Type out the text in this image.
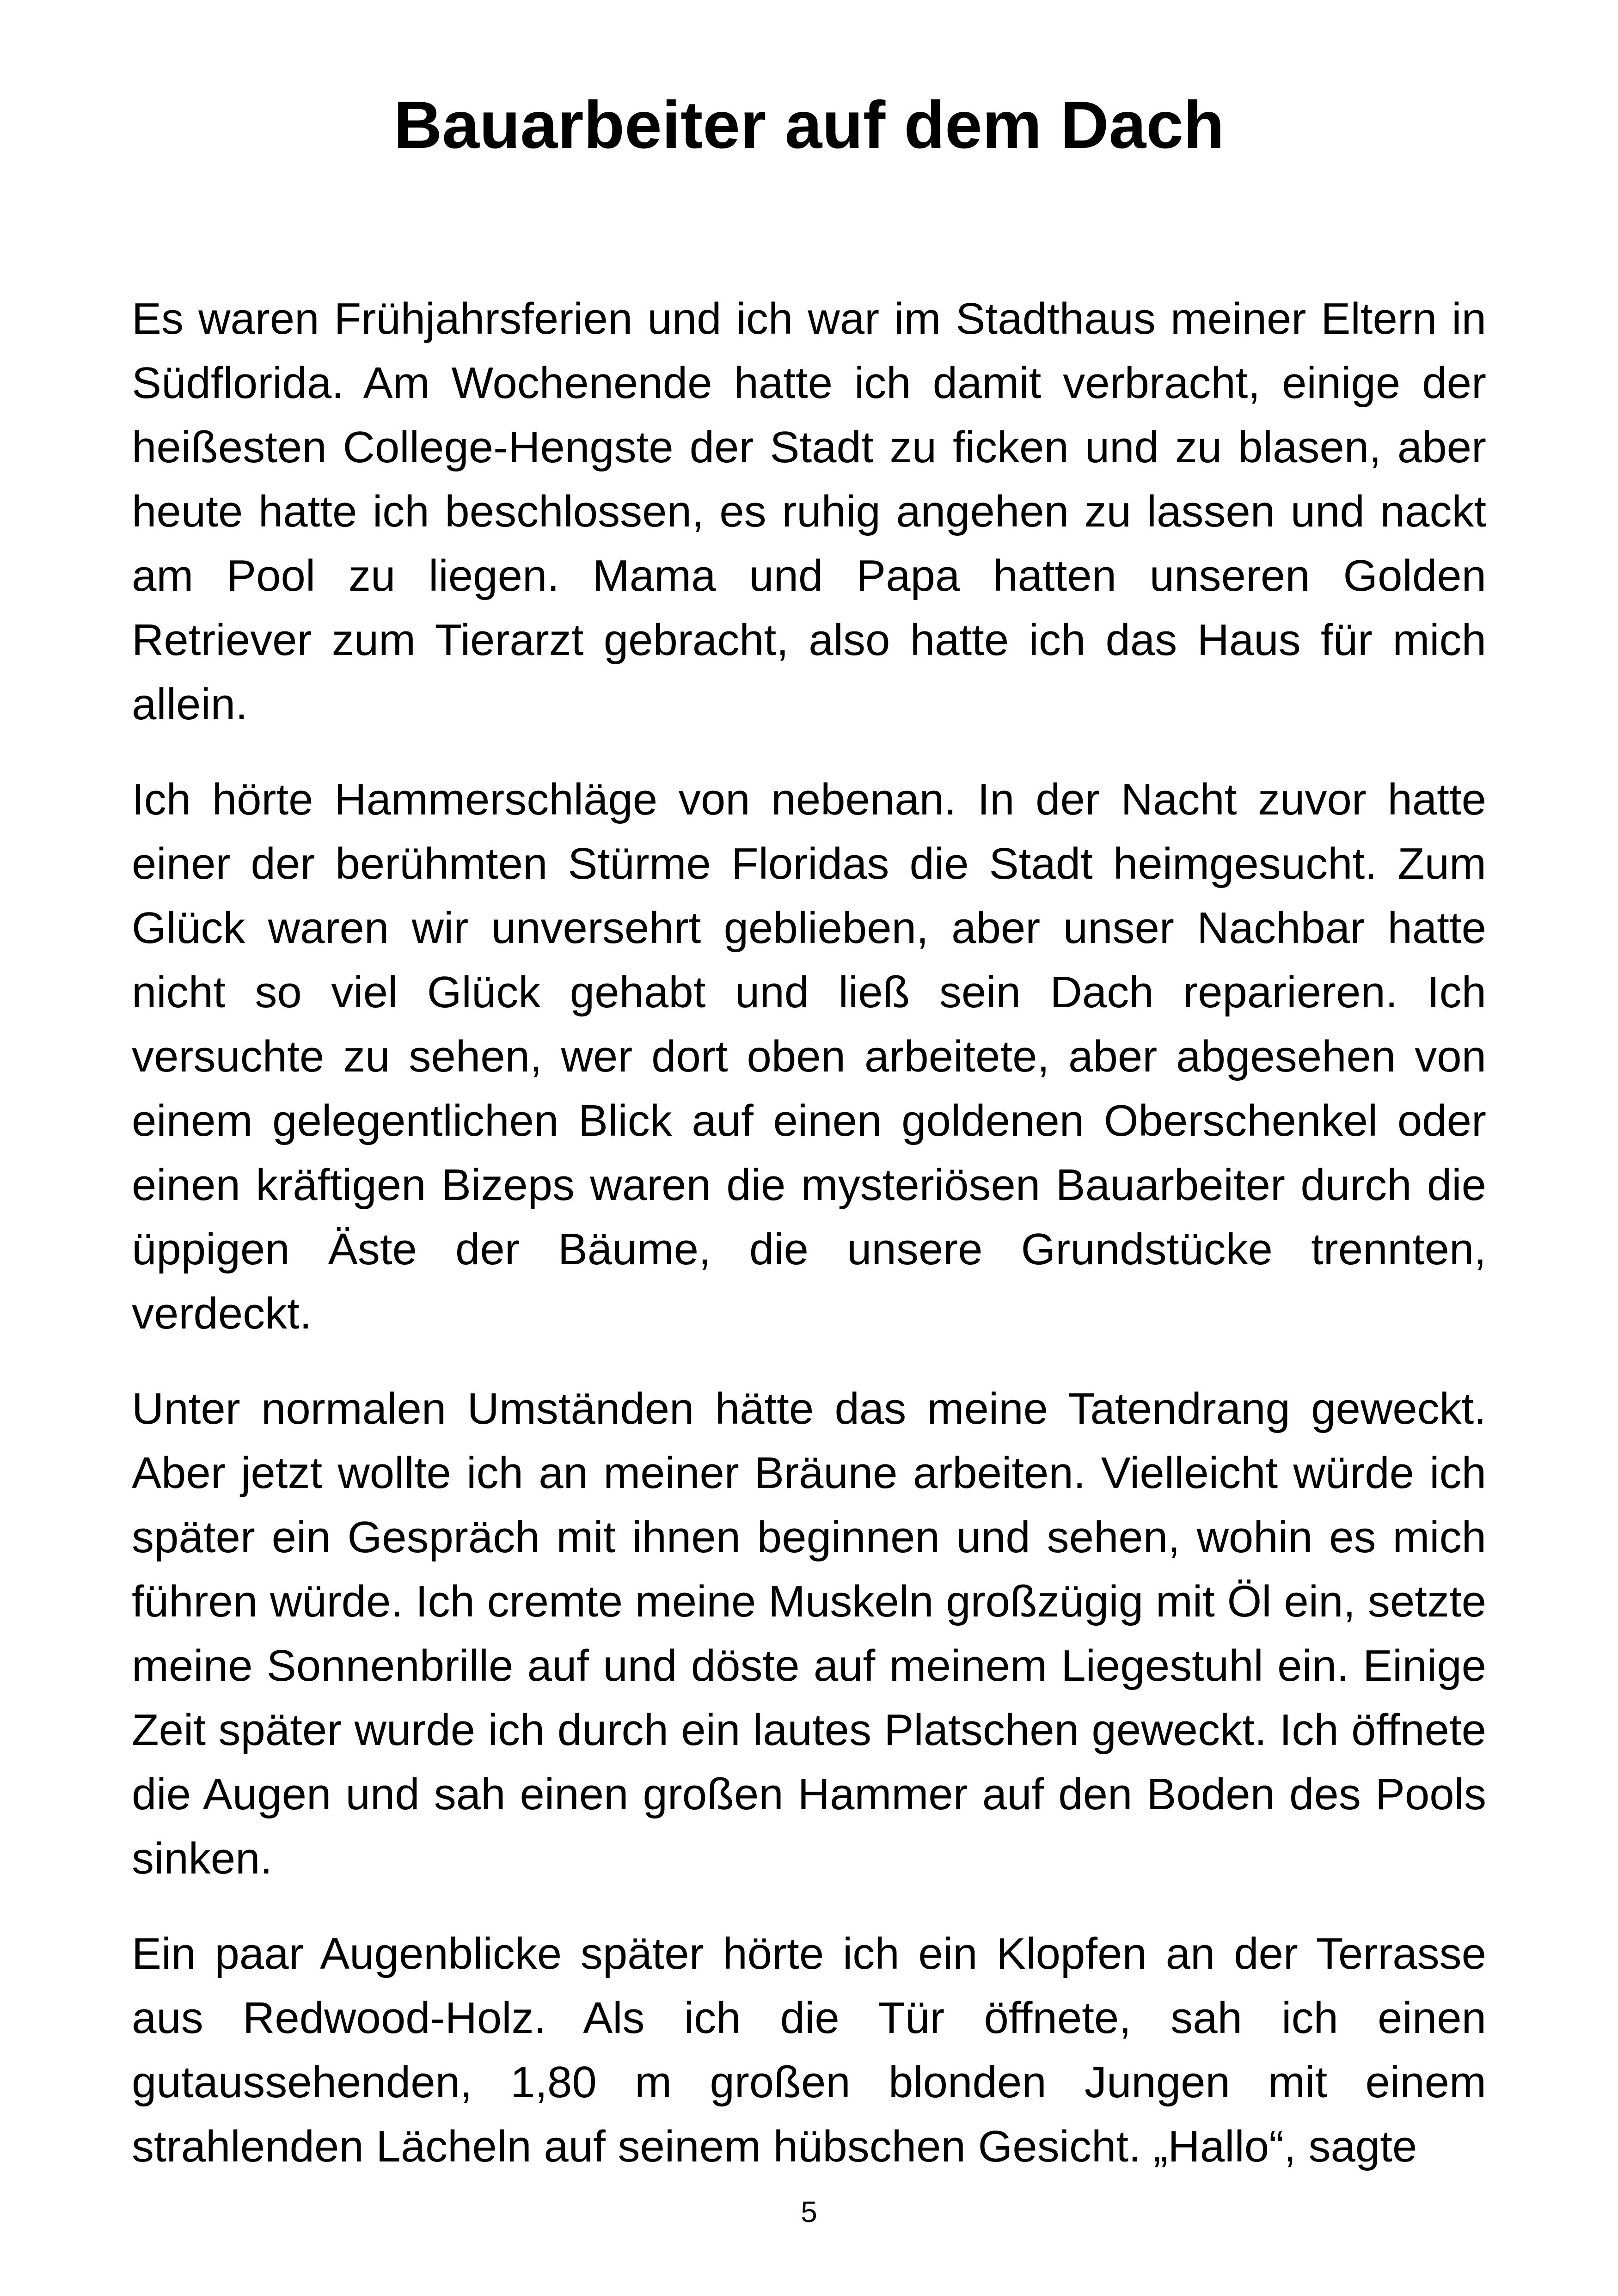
Bauarbeiter auf dem Dach

Es waren Frühjahrsferien und ich war im Stadthaus meiner Eltern in Südflorida. Am Wochenende hatte ich damit verbracht, einige der heißesten College-Hengste der Stadt zu ficken und zu blasen, aber heute hatte ich beschlossen, es ruhig angehen zu lassen und nackt am Pool zu liegen. Mama und Papa hatten unseren Golden Retriever zum Tierarzt gebracht, also hatte ich das Haus für mich allein.

Ich hörte Hammerschläge von nebenan. In der Nacht zuvor hatte einer der berühmten Stürme Floridas die Stadt heimgesucht. Zum Glück waren wir unversehrt geblieben, aber unser Nachbar hatte nicht so viel Glück gehabt und ließ sein Dach reparieren. Ich versuchte zu sehen, wer dort oben arbeitete, aber abgesehen von einem gelegentlichen Blick auf einen goldenen Oberschenkel oder einen kräftigen Bizeps waren die mysteriösen Bauarbeiter durch die üppigen Äste der Bäume, die unsere Grundstücke trennten, verdeckt.

Unter normalen Umständen hätte das meine Tatendrang geweckt. Aber jetzt wollte ich an meiner Bräune arbeiten. Vielleicht würde ich später ein Gespräch mit ihnen beginnen und sehen, wohin es mich führen würde. Ich cremte meine Muskeln großzügig mit Öl ein, setzte meine Sonnenbrille auf und döste auf meinem Liegestuhl ein. Einige Zeit später wurde ich durch ein lautes Platschen geweckt. Ich öffnete die Augen und sah einen großen Hammer auf den Boden des Pools sinken.

Ein paar Augenblicke später hörte ich ein Klopfen an der Terrasse aus Redwood-Holz. Als ich die Tür öffnete, sah ich einen gutaussehenden, 1,80 m großen blonden Jungen mit einem strahlenden Lächeln auf seinem hübschen Gesicht. „Hallo“, sagte

5
